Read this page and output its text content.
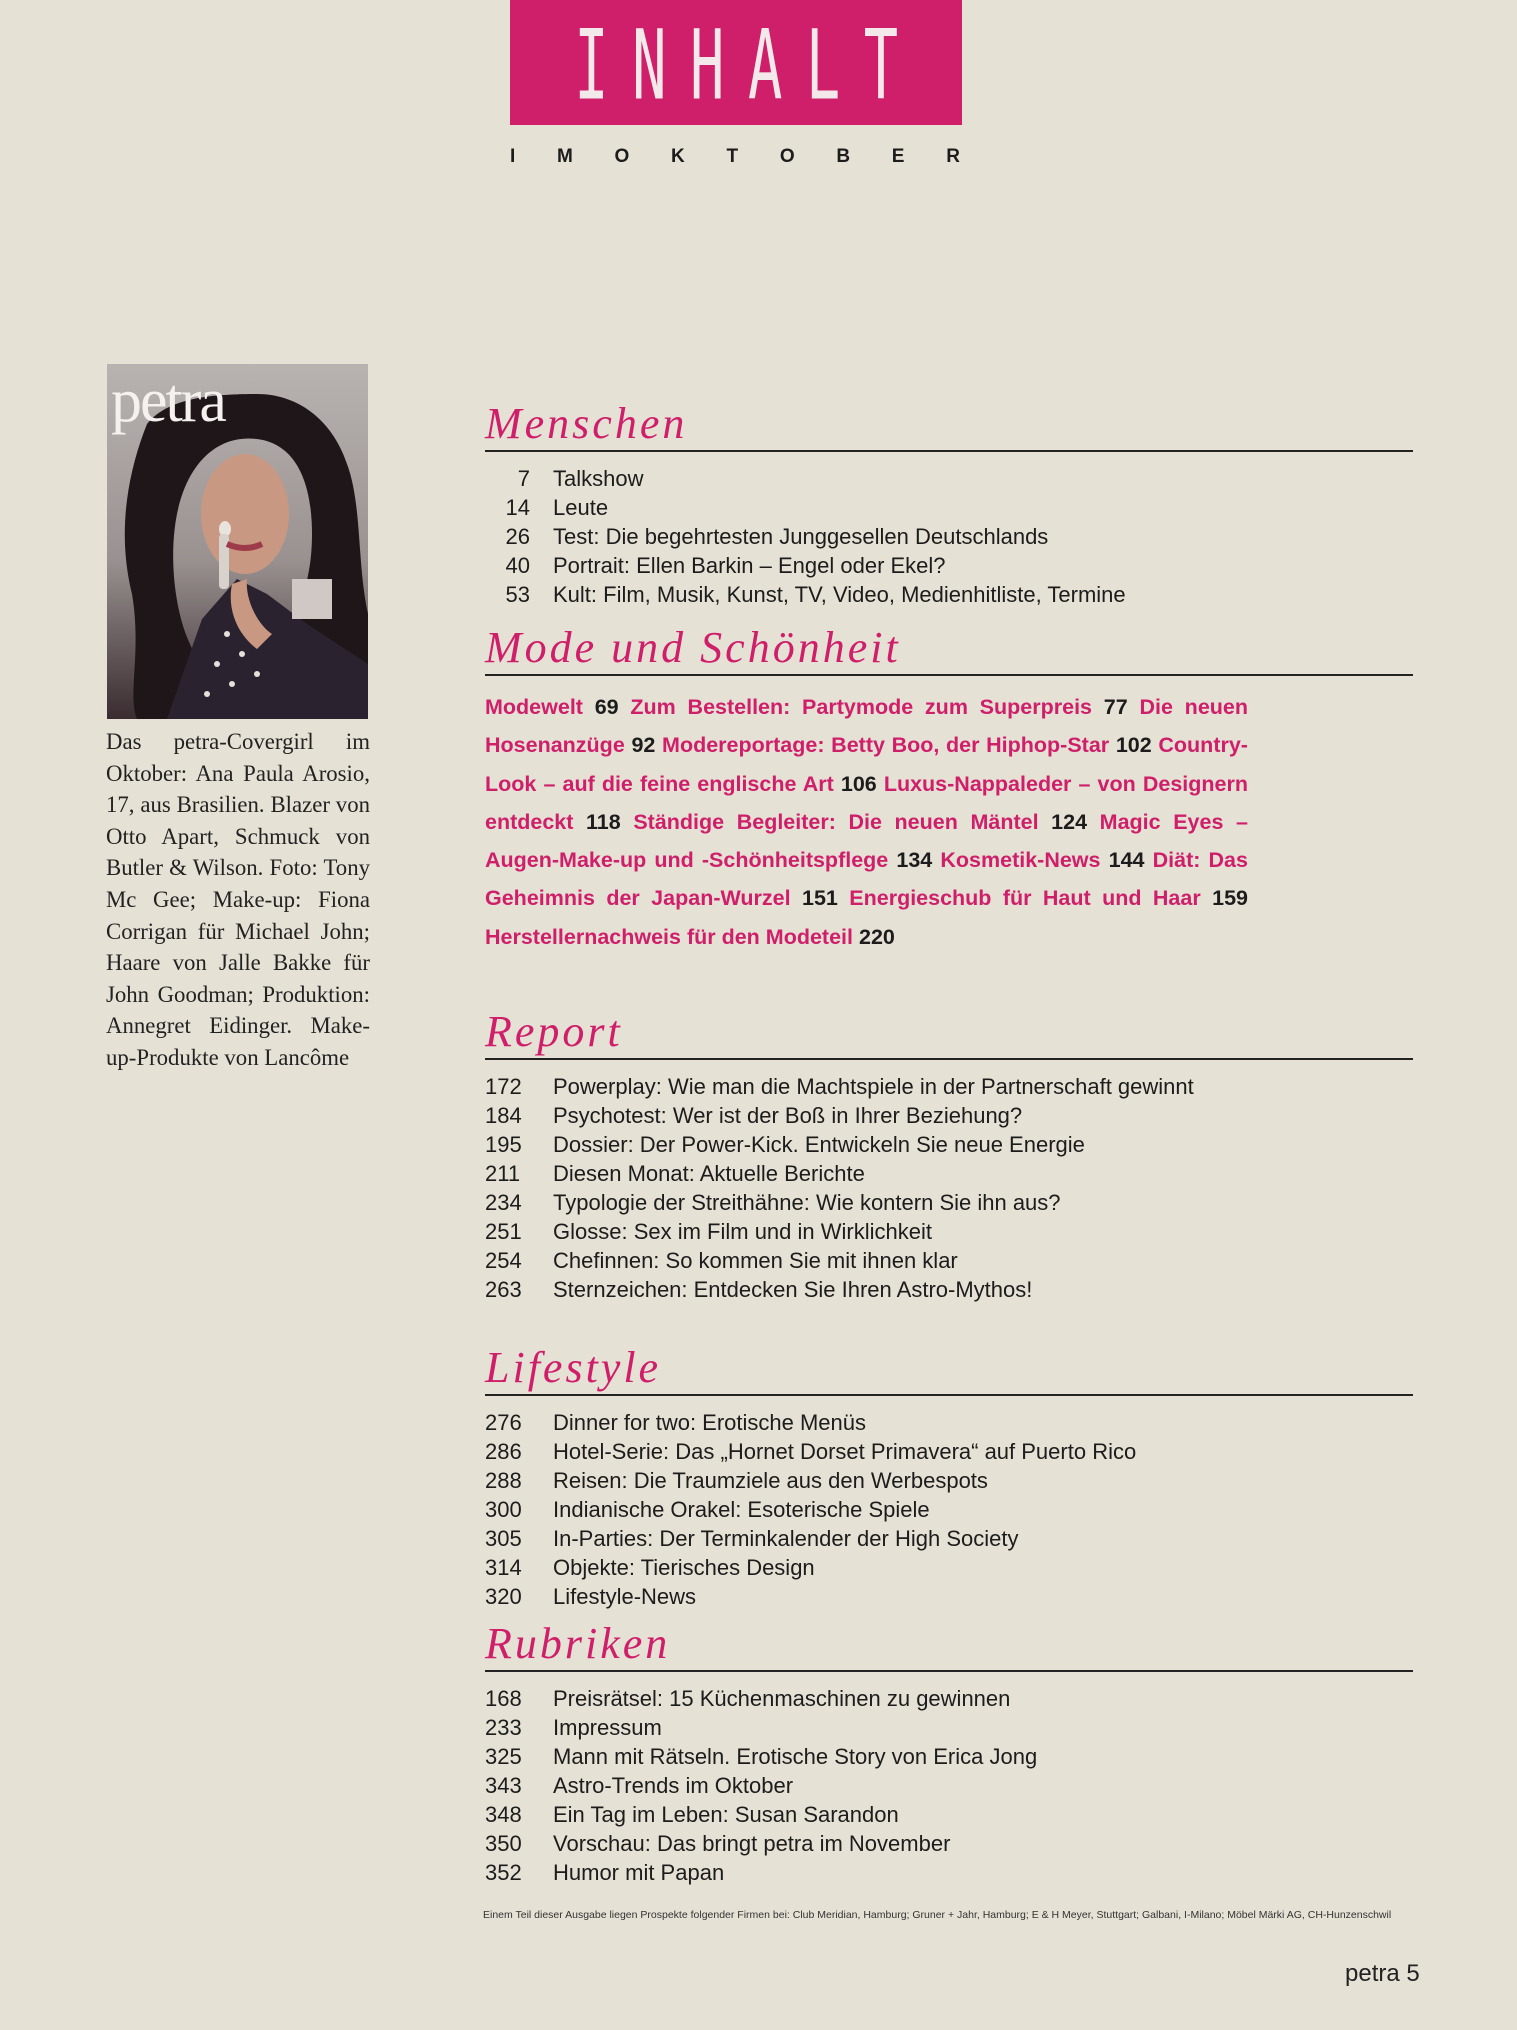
INHALT
I M O K T O B E R
petra
Das petra-Covergirl im Oktober: Ana Paula Arosio, 17, aus Brasilien. Blazer von Otto Apart, Schmuck von Butler & Wilson. Foto: Tony Mc Gee; Make-up: Fiona Corrigan für Michael John; Haare von Jalle Bakke für John Goodman; Produktion: Annegret Eidinger. Make-up-Produkte von Lancôme
Menschen
7 Talkshow
14 Leute
26 Test: Die begehrtesten Junggesellen Deutschlands
40 Portrait: Ellen Barkin – Engel oder Ekel?
53 Kult: Film, Musik, Kunst, TV, Video, Medienhitliste, Termine
Mode und Schönheit
Modewelt 69 Zum Bestellen: Partymode zum Superpreis 77 Die neuen Hosenanzüge 92 Modereportage: Betty Boo, der Hiphop-Star 102 Country-Look – auf die feine englische Art 106 Luxus-Nappaleder – von Designern entdeckt 118 Ständige Begleiter: Die neuen Mäntel 124 Magic Eyes – Augen-Make-up und -Schönheitspflege 134 Kosmetik-News 144 Diät: Das Geheimnis der Japan-Wurzel 151 Energieschub für Haut und Haar 159 Herstellernachweis für den Modeteil 220
Report
172	Powerplay: Wie man die Machtspiele in der Partnerschaft gewinnt
184	Psychotest: Wer ist der Boß in Ihrer Beziehung?
195	Dossier: Der Power-Kick. Entwickeln Sie neue Energie
211	Diesen Monat: Aktuelle Berichte
234	Typologie der Streithähne: Wie kontern Sie ihn aus?
251	Glosse: Sex im Film und in Wirklichkeit
254	Chefinnen: So kommen Sie mit ihnen klar
263	Sternzeichen: Entdecken Sie Ihren Astro-Mythos!
Lifestyle
276	Dinner for two: Erotische Menüs
286	Hotel-Serie: Das „Hornet Dorset Primavera“ auf Puerto Rico
288	Reisen: Die Traumziele aus den Werbespots
300	Indianische Orakel: Esoterische Spiele
305	In-Parties: Der Terminkalender der High Society
314	Objekte: Tierisches Design
320	Lifestyle-News
Rubriken
168	Preisrätsel: 15 Küchenmaschinen zu gewinnen
233	Impressum
325	Mann mit Rätseln. Erotische Story von Erica Jong
343	Astro-Trends im Oktober
348	Ein Tag im Leben: Susan Sarandon
350	Vorschau: Das bringt petra im November
352	Humor mit Papan
Einem Teil dieser Ausgabe liegen Prospekte folgender Firmen bei: Club Meridian, Hamburg; Gruner + Jahr, Hamburg; E & H Meyer, Stuttgart; Galbani, I-Milano; Möbel Märki AG, CH-Hunzenschwil
petra 5
